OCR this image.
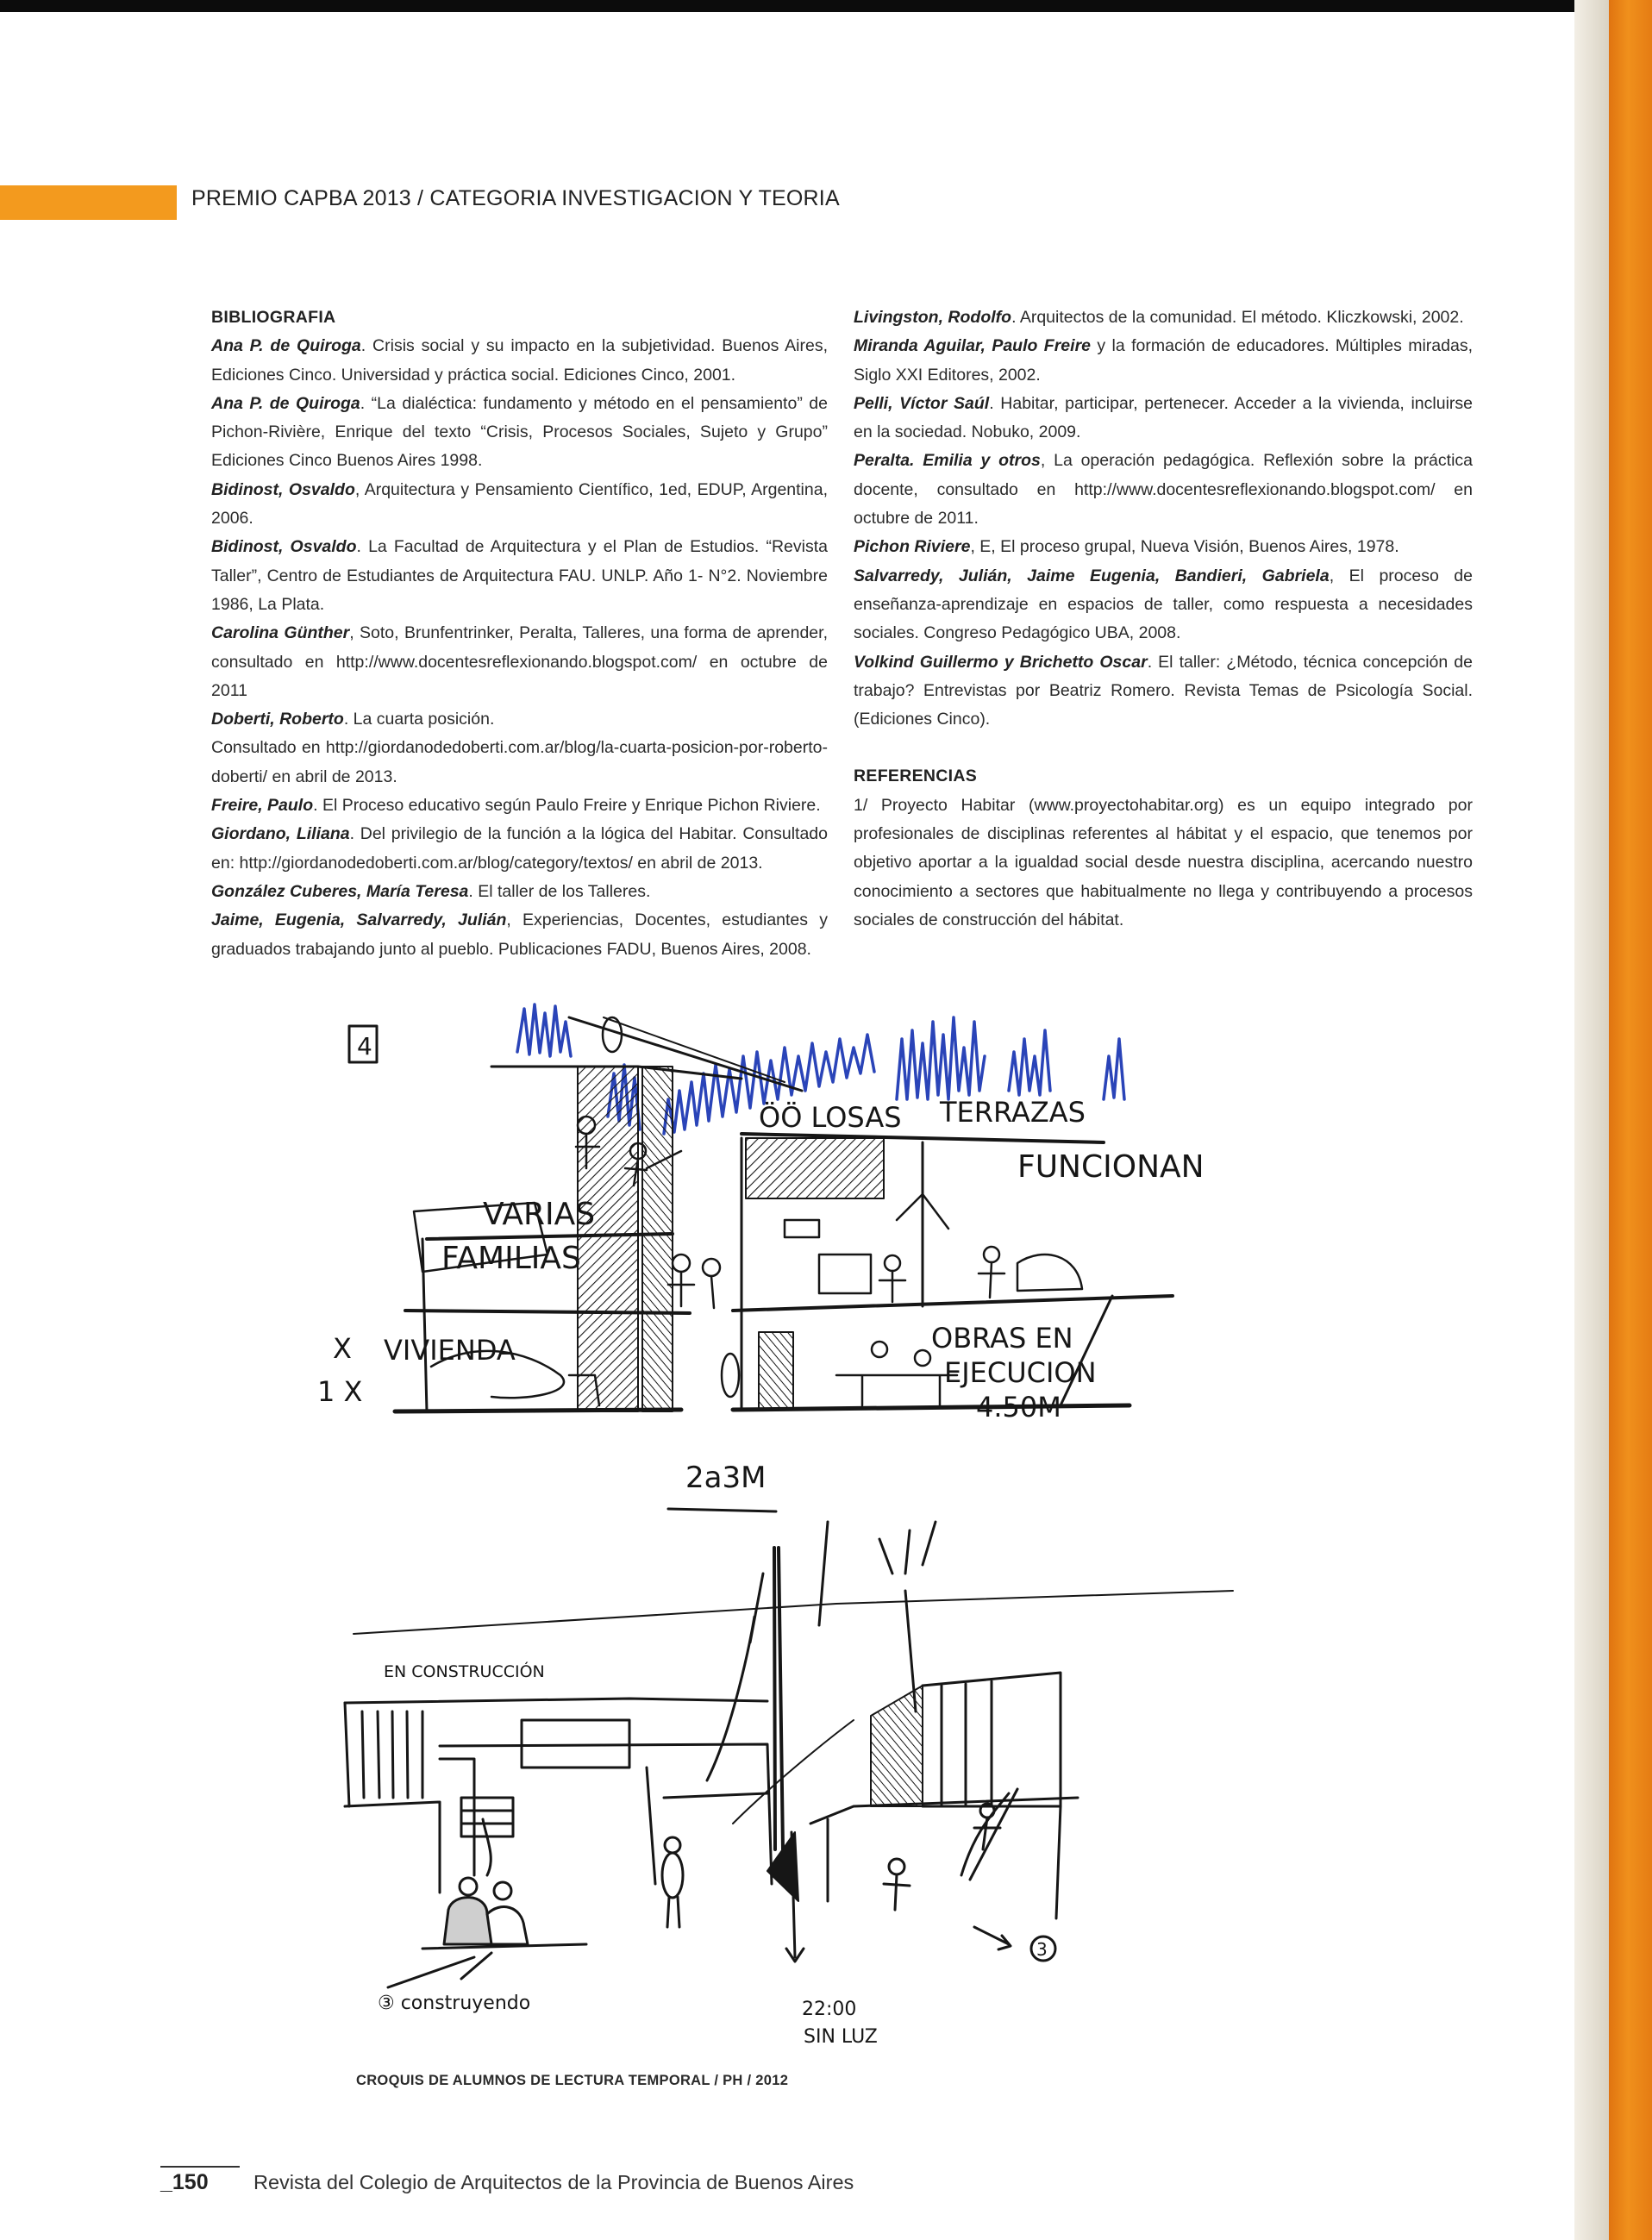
PREMIO CAPBA 2013 / CATEGORIA INVESTIGACION Y TEORIA
BIBLIOGRAFIA
Ana P. de Quiroga. Crisis social y su impacto en la subjetividad. Buenos Aires, Ediciones Cinco. Universidad y práctica social. Ediciones Cinco, 2001.
Ana P. de Quiroga. “La dialéctica: fundamento y método en el pensamiento” de Pichon-Rivière, Enrique del texto “Crisis, Procesos Sociales, Sujeto y Grupo” Ediciones Cinco Buenos Aires 1998.
Bidinost, Osvaldo, Arquitectura y Pensamiento Científico, 1ed, EDUP, Argentina, 2006.
Bidinost, Osvaldo. La Facultad de Arquitectura y el Plan de Estudios. “Revista Taller”, Centro de Estudiantes de Arquitectura FAU. UNLP. Año 1- N°2. Noviembre 1986, La Plata.
Carolina Günther, Soto, Brunfentrinker, Peralta, Talleres, una forma de aprender, consultado en http://www.docentesreflexionando.blogspot.com/ en octubre de 2011
Doberti, Roberto. La cuarta posición.
Consultado en http://giordanodedoberti.com.ar/blog/la-cuarta-posicion-por-roberto-doberti/ en abril de 2013.
Freire, Paulo. El Proceso educativo según Paulo Freire y Enrique Pichon Riviere.
Giordano, Liliana. Del privilegio de la función a la lógica del Habitar. Consultado en: http://giordanodedoberti.com.ar/blog/category/textos/ en abril de 2013.
González Cuberes, María Teresa. El taller de los Talleres.
Jaime, Eugenia, Salvarredy, Julián, Experiencias, Docentes, estudiantes y graduados trabajando junto al pueblo. Publicaciones FADU, Buenos Aires, 2008.
Livingston, Rodolfo. Arquitectos de la comunidad. El método. Kliczkowski, 2002.
Miranda Aguilar, Paulo Freire y la formación de educadores. Múltiples miradas, Siglo XXI Editores, 2002.
Pelli, Víctor Saúl. Habitar, participar, pertenecer. Acceder a la vivienda, incluirse en la sociedad. Nobuko, 2009.
Peralta. Emilia y otros, La operación pedagógica. Reflexión sobre la práctica docente, consultado en http://www.docentesreflexionando.blogspot.com/ en octubre de 2011.
Pichon Riviere, E, El proceso grupal, Nueva Visión, Buenos Aires, 1978.
Salvarredy, Julián, Jaime Eugenia, Bandieri, Gabriela, El proceso de enseñanza-aprendizaje en espacios de taller, como respuesta a necesidades sociales. Congreso Pedagógico UBA, 2008.
Volkind Guillermo y Brichetto Oscar. El taller: ¿Método, técnica concepción de trabajo? Entrevistas por Beatriz Romero. Revista Temas de Psicología Social. (Ediciones Cinco).
REFERENCIAS
1/ Proyecto Habitar (www.proyectohabitar.org) es un equipo integrado por profesionales de disciplinas referentes al hábitat y el espacio, que tenemos por objetivo aportar a la igualdad social desde nuestra disciplina, acercando nuestro conocimiento a sectores que habitualmente no llega y contribuyendo a procesos sociales de construcción del hábitat.
4
VARIAS
FAMILIAS
ÖÖ LOSAS TERRAZAS
FUNCIONAN
X VIVIENDA
1 X
OBRAS EN
EJECUCION
4.50M
2a3M
EN CONSTRUCCIÓN
③ construyendo	22:00
SIN LUZ
3
CROQUIS DE ALUMNOS DE LECTURA TEMPORAL / PH / 2012
_150 Revista del Colegio de Arquitectos de la Provincia de Buenos Aires
